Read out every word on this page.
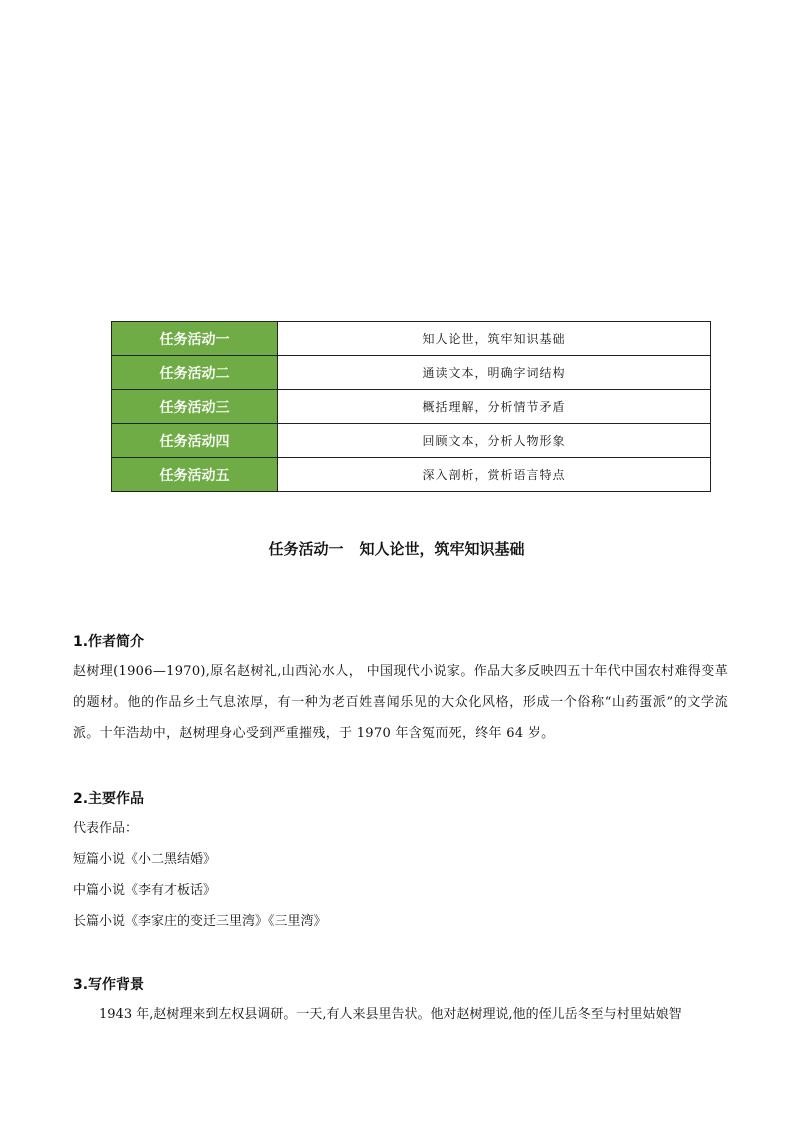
任务活动一	知人论世，筑牢知识基础
任务活动二	通读文本，明确字词结构
任务活动三	概括理解，分析情节矛盾
任务活动四	回顾文本，分析人物形象
任务活动五	深入剖析，赏析语言特点
任务活动一 知人论世，筑牢知识基础
1.作者简介
赵树理(1906—1970),原名赵树礼,山西沁水人， 中国现代小说家。作品大多反映四五十年代中国农村难得变革的题材。他的作品乡土气息浓厚，有一种为老百姓喜闻乐见的大众化风格，形成一个俗称“山药蛋派”的文学流派。十年浩劫中，赵树理身心受到严重摧残，于 1970 年含冤而死，终年 64 岁。
2.主要作品
代表作品：
短篇小说《小二黑结婚》
中篇小说《李有才板话》
长篇小说《李家庄的变迁三里湾》《三里湾》
3.写作背景
1943 年,赵树理来到左权县调研。一天,有人来县里告状。他对赵树理说,他的侄儿岳冬至与村里姑娘智
